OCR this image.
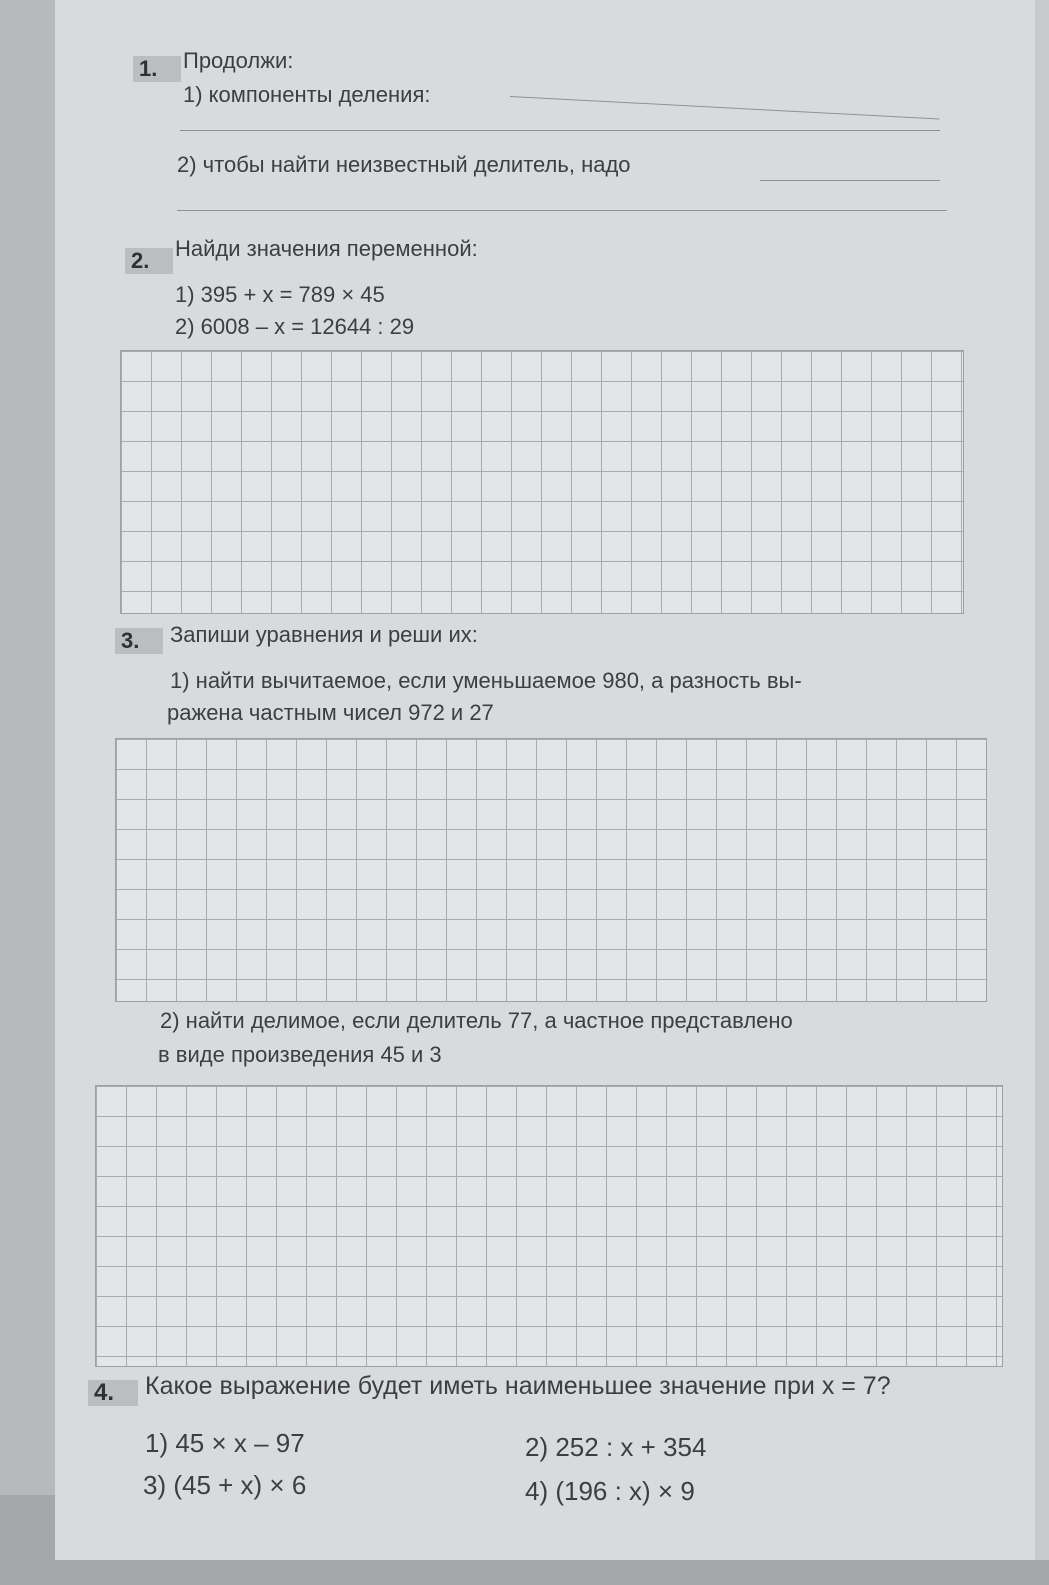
1.	Продолжи:
1) компоненты деления:
2) чтобы найти неизвестный делитель, надо
2.	Найди значения переменной:
1) 395 + x = 789 × 45
2) 6008 – x = 12644 : 29
3.	Запиши уравнения и реши их:
1) найти вычитаемое, если уменьшаемое 980, а разность вы-
ражена частным чисел 972 и 27
2) найти делимое, если делитель 77, а частное представлено
в виде произведения 45 и 3
4.	Какое выражение будет иметь наименьшее значение при x = 7?
1) 45 × x – 97	2) 252 : x + 354
3) (45 + x) × 6	4) (196 : x) × 9
